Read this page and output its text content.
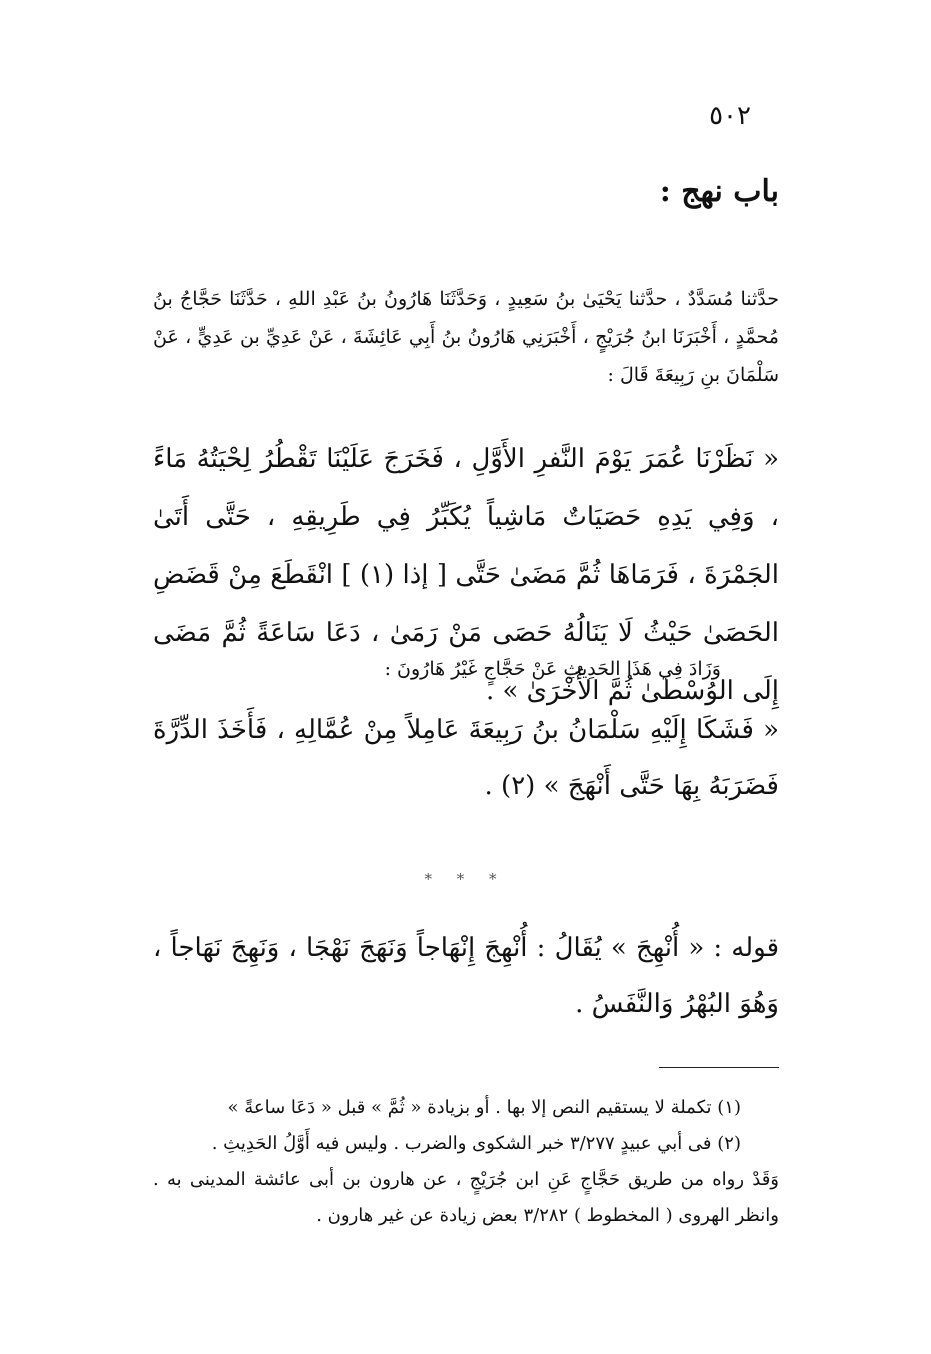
٥٠٢
باب نهج :
حدَّثنا مُسَدَّدٌ ، حدَّثنا يَحْيَىٰ بنُ سَعِيدٍ ، وَحَدَّثَنَا هَارُونُ بنُ عَبْدِ اللهِ ، حَدَّثَنَا حَجَّاجُ بنُ مُحمَّدٍ ، أَخْبَرَنَا ابنُ جُرَيْجٍ ، أَخْبَرَنِي هَارُونُ بنُ أَبِي عَائِشَةَ ، عَنْ عَدِيِّ بن عَدِيٍّ ، عَنْ سَلْمَانَ بنِ رَبِيعَةَ قَالَ :
« نَظَرْنَا عُمَرَ يَوْمَ النَّفرِ الأَوَّلِ ، فَخَرَجَ عَلَيْنَا تَقْطُرُ لِحْيَتُهُ مَاءً ، وَفِي يَدِهِ حَصَيَاتٌ مَاشِياً يُكَبِّرُ فِي طَرِيقِهِ ، حَتَّى أَتَىٰ الجَمْرَةَ ، فَرَمَاهَا ثُمَّ مَضَىٰ حَتَّى [ إذا (١) ] انْقَطَعَ مِنْ قَضَضِ الحَصَىٰ حَيْثُ لَا يَنَالُهُ حَصَى مَنْ رَمَىٰ ، دَعَا سَاعَةً ثُمَّ مَضَى إِلَى الوُسْطَىٰ ثُمَّ الأُخْرَىٰ » .
وَزَادَ فِي هَذَا الحَدِيثِ عَنْ حَجَّاجٍ غَيْرُ هَارُونَ :
« فَشَكَا إِلَيْهِ سَلْمَانُ بنُ رَبِيعَةَ عَامِلاً مِنْ عُمَّالِهِ ، فَأَخَذَ الدِّرَّةَ فَضَرَبَهُ بِهَا حَتَّى أَنْهَجَ » (٢) .
* * *
قوله : « أُنْهِجَ » يُقَالُ : أُنْهِجَ إِنْهَاجاً وَنَهَجَ نَهْجَا ، وَنَهِجَ نَهَاجاً ، وَهُوَ البُهْرُ وَالنَّفَسُ .

(١) تكملة لا يستقيم النص إلا بها . أو بزيادة « ثُمَّ » قبل « دَعَا ساعةً »

(٢) فى أبي عبيدٍ ٣/٢٧٧ خبر الشكوى والضرب . وليس فيه أَوَّلُ الحَدِيثِ .

وَقَدْ رواه من طريق حَجَّاجٍ عَنِ ابن جُرَيْجٍ ، عن هارون بن أبى عائشة المدينى به . وانظر الهروى ( المخطوط ) ٣/٢٨٢ بعض زيادة عن غير هارون .
